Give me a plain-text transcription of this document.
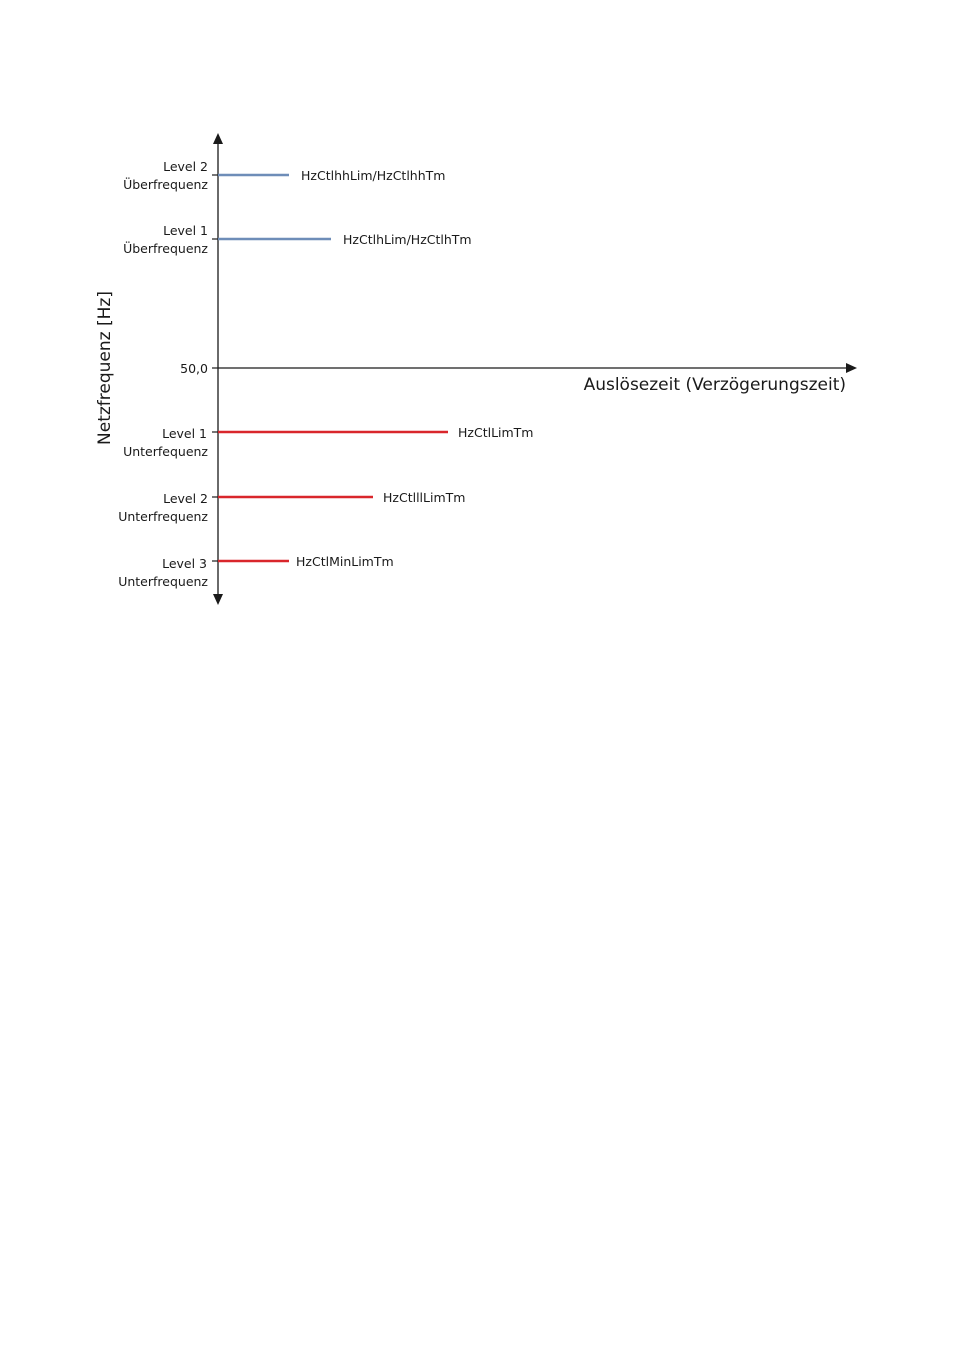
Netzfrequenz [Hz]	Auslösezeit (Verzögerungszeit)
50,0
Level 2
Überfrequenz
HzCtlhhLim/HzCtlhhTm
Level 1
Überfrequenz
HzCtlhLim/HzCtlhTm
Level 1
Unterfequenz
HzCtlLimTm
Level 2
Unterfrequenz
HzCtlllLimTm
Level 3
Unterfrequenz
HzCtlMinLimTm
